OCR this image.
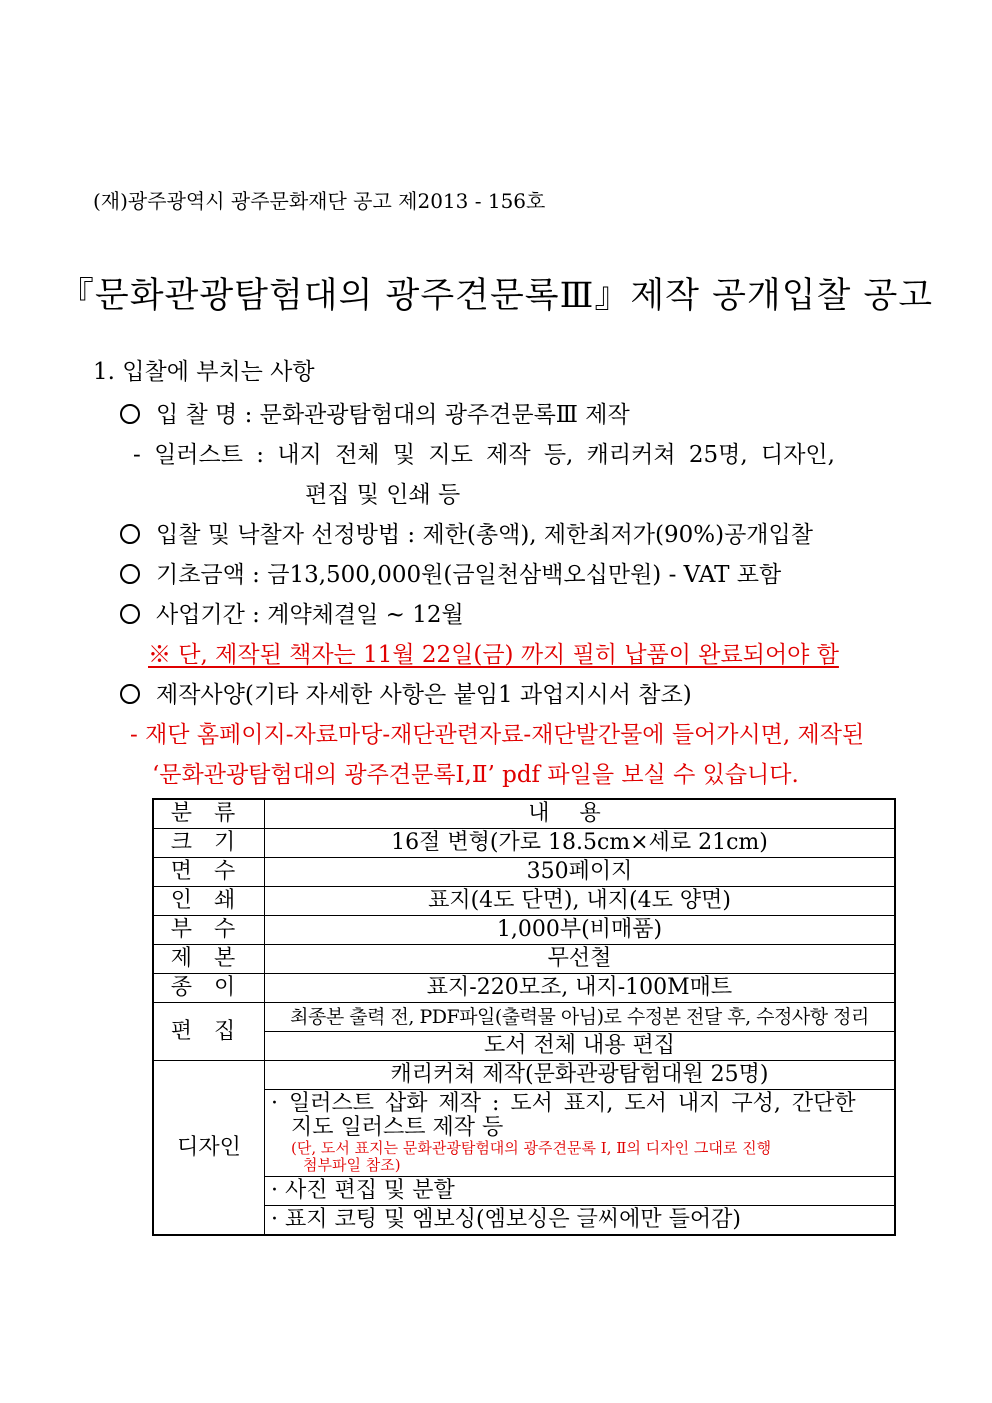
(재)광주광역시 광주문화재단 공고 제2013 - 156호
『문화관광탐험대의 광주견문록Ⅲ』제작 공개입찰 공고
1. 입찰에 부치는 사항
입 찰 명 : 문화관광탐험대의 광주견문록Ⅲ 제작
- 일러스트 : 내지 전체 및 지도 제작 등, 캐리커쳐 25명, 디자인,
편집 및 인쇄 등
입찰 및 낙찰자 선정방법 : 제한(총액), 제한최저가(90%)공개입찰
기초금액 : 금13,500,000원(금일천삼백오십만원) - VAT 포함
사업기간 : 계약체결일 ~ 12월
※ 단, 제작된 책자는 11월 22일(금) 까지 필히 납품이 완료되어야 함
제작사양(기타 자세한 사항은 붙임1 과업지시서 참조)
- 재단 홈페이지-자료마당-재단관련자료-재단발간물에 들어가시면, 제작된
‘문화관광탐험대의 광주견문록Ⅰ,Ⅱ’ pdf 파일을 보실 수 있습니다.
분류	내용
크기	16절 변형(가로 18.5cm×세로 21cm)
면수	350페이지
인쇄	표지(4도 단면), 내지(4도 양면)
부수	1,000부(비매품)
제본	무선철
종이	표지-220모조, 내지-100M매트
편집	최종본 출력 전, PDF파일(출력물 아님)로 수정본 전달 후, 수정사항 정리
	도서 전체 내용 편집
디자인	캐리커쳐 제작(문화관광탐험대원 25명)

	· 일러스트 삽화 제작 : 도서 표지, 도서 내지 구성, 간단한
지도 일러스트 제작 등
(단, 도서 표지는 문화관광탐험대의 광주견문록 Ⅰ, Ⅱ의 디자인 그대로 진행
첨부파일 참조)

	· 사진 편집 및 분할
	· 표지 코팅 및 엠보싱(엠보싱은 글씨에만 들어감)
